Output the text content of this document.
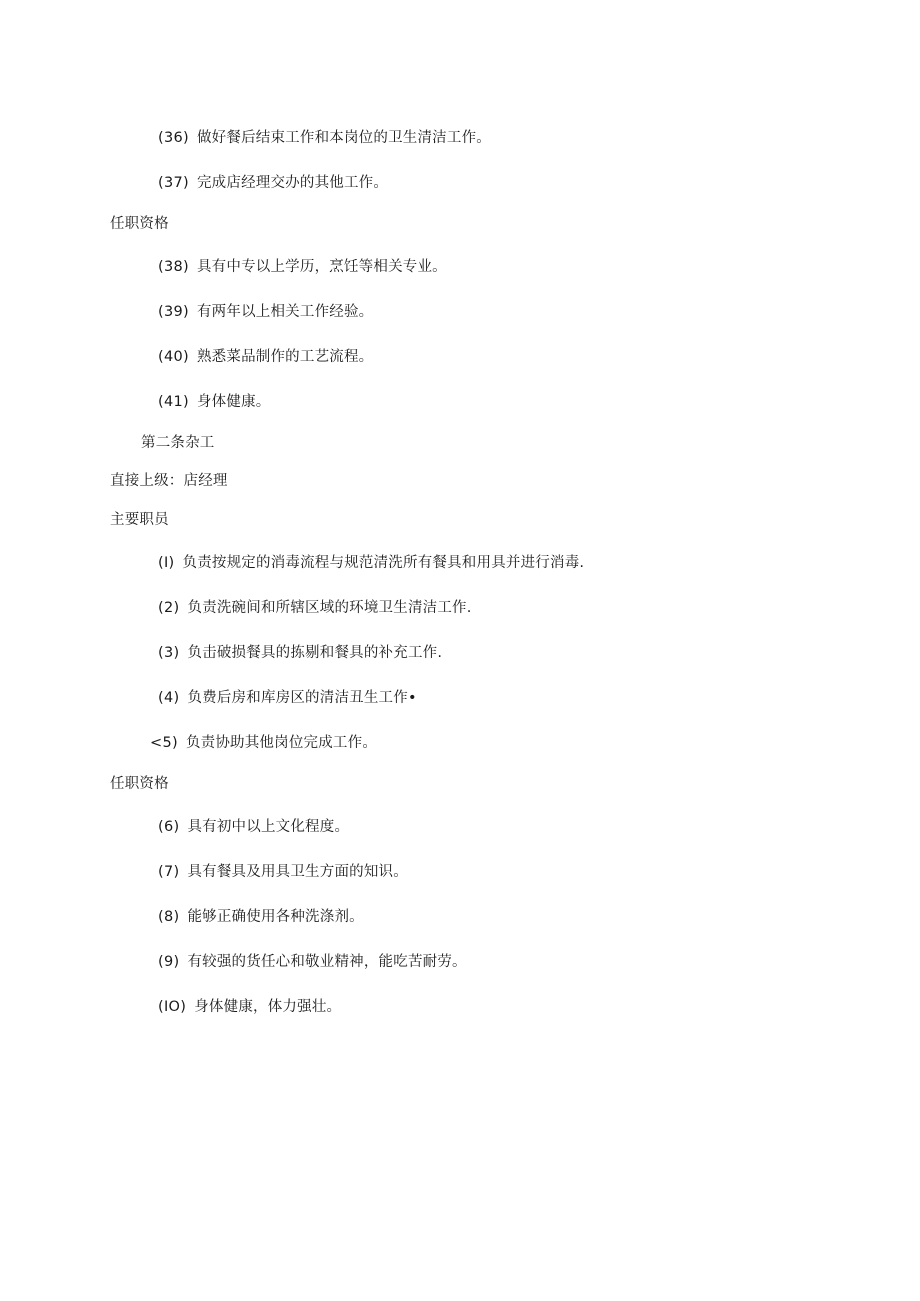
(36) 做好餐后结束工作和本岗位的卫生清洁工作。
(37) 完成店经理交办的其他工作。
任职资格
(38) 具有中专以上学历，烹饪等相关专业。
(39) 有两年以上相关工作经验。
(40) 熟悉菜品制作的工艺流程。
(41) 身体健康。
第二条杂工
直接上级：店经理
主要职员
(I) 负责按规定的消毒流程与规范清洗所有餐具和用具并进行消毒.
(2) 负责洗碗间和所辖区域的环境卫生清洁工作.
(3) 负击破损餐具的拣剔和餐具的补充工作.
(4) 负费后房和库房区的清洁丑生工作•
<5) 负责协助其他岗位完成工作。
任职资格
(6) 具有初中以上文化程度。
(7) 具有餐具及用具卫生方面的知识。
(8) 能够正确使用各种洗涤剂。
(9) 有较强的货任心和敬业精神，能吃苦耐劳。
(IO) 身体健康，体力强壮。
